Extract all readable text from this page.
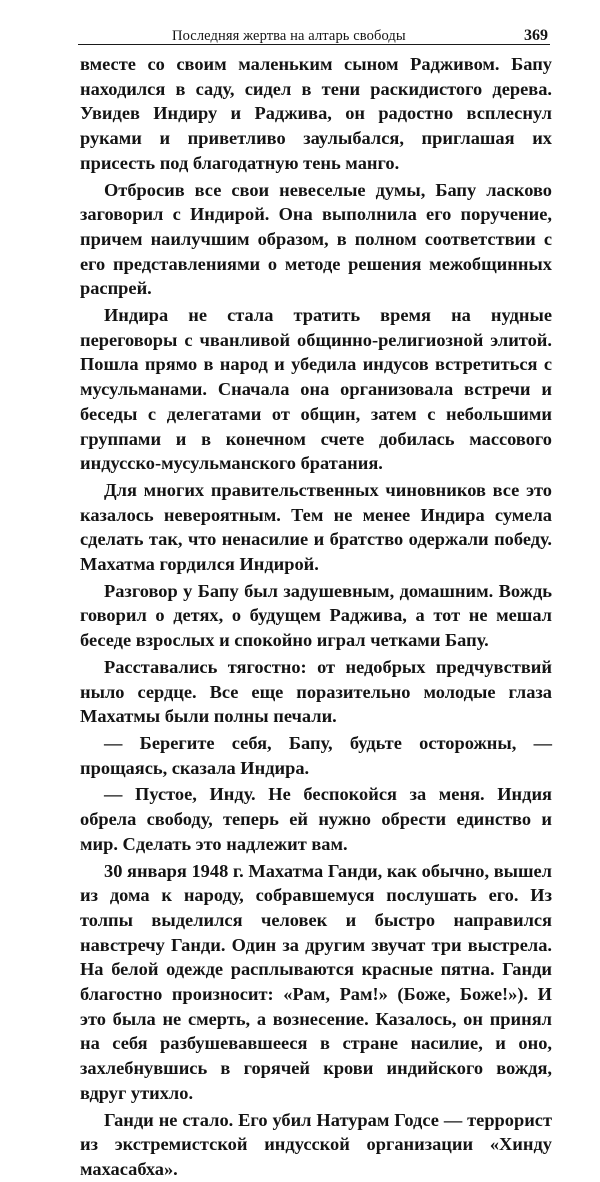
Последняя жертва на алтарь свободы	369

вместе со своим маленьким сыном Радживом. Бапу находился в саду, сидел в тени раскидистого дерева. Увидев Индиру и Раджива, он радостно всплеснул руками и приветливо заулыбался, приглашая их присесть под благодатную тень манго.

Отбросив все свои невеселые думы, Бапу ласково заговорил с Индирой. Она выполнила его поручение, причем наилучшим образом, в полном соответствии с его представлениями о методе решения межобщинных распрей.

Индира не стала тратить время на нудные переговоры с чванливой общинно-религиозной элитой. Пошла прямо в народ и убедила индусов встретиться с мусульманами. Сначала она организовала встречи и беседы с делегатами от общин, затем с небольшими группами и в конечном счете добилась массового индусско-мусульманского братания.

Для многих правительственных чиновников все это казалось невероятным. Тем не менее Индира сумела сделать так, что ненасилие и братство одержали победу. Махатма гордился Индирой.

Разговор у Бапу был задушевным, домашним. Вождь говорил о детях, о будущем Раджива, а тот не мешал беседе взрослых и спокойно играл четками Бапу.

Расставались тягостно: от недобрых предчувствий ныло сердце. Все еще поразительно молодые глаза Махатмы были полны печали.

— Берегите себя, Бапу, будьте осторожны, — прощаясь, сказала Индира.

— Пустое, Инду. Не беспокойся за меня. Индия обрела свободу, теперь ей нужно обрести единство и мир. Сделать это надлежит вам.

30 января 1948 г. Махатма Ганди, как обычно, вышел из дома к народу, собравшемуся послушать его. Из толпы выделился человек и быстро направился навстречу Ганди. Один за другим звучат три выстрела. На белой одежде расплываются красные пятна. Ганди благостно произносит: «Рам, Рам!» (Боже, Боже!»). И это была не смерть, а вознесение. Казалось, он принял на себя разбушевавшееся в стране насилие, и оно, захлебнувшись в горячей крови индийского вождя, вдруг утихло.

Ганди не стало. Его убил Натурам Годсе — террорист из экстремистской индусской организации «Хинду махасабха».
